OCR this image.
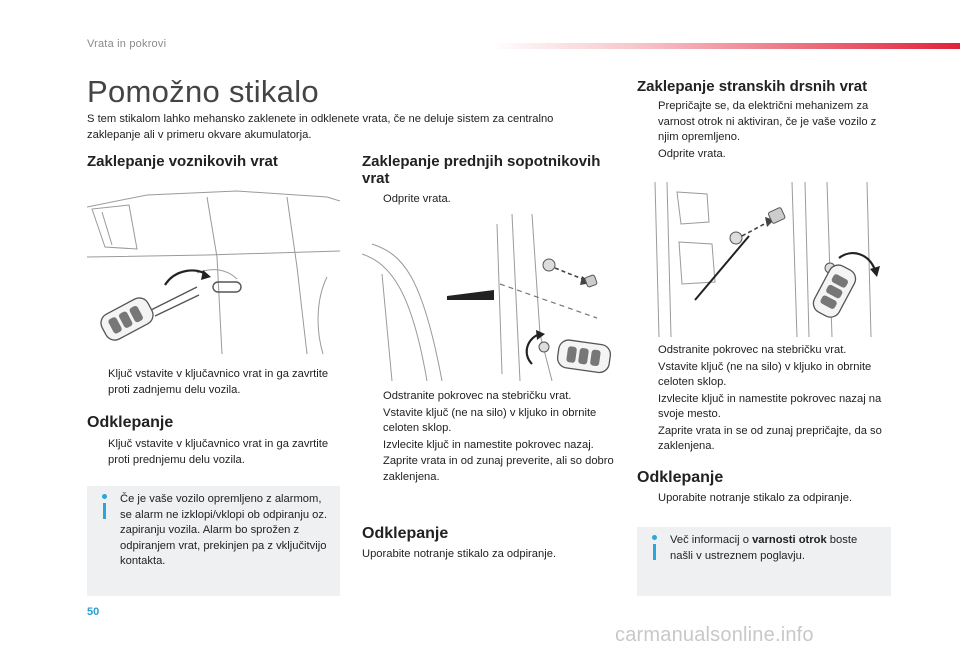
Vrata in pokrovi
Pomožno stikalo
S tem stikalom lahko mehansko zaklenete in odklenete vrata, če ne deluje sistem za centralno zaklepanje ali v primeru okvare akumulatorja.
Zaklepanje voznikovih vrat
Ključ vstavite v ključavnico vrat in ga zavrtite proti zadnjemu delu vozila.
Odklepanje
Ključ vstavite v ključavnico vrat in ga zavrtite proti prednjemu delu vozila.
Če je vaše vozilo opremljeno z alarmom, se alarm ne izklopi/vklopi ob odpiranju oz. zapiranju vozila. Alarm bo sprožen z odpiranjem vrat, prekinjen pa z vključitvijo kontakta.
Zaklepanje prednjih sopotnikovih vrat
Odprite vrata.
Odstranite pokrovec na stebričku vrat.
Vstavite ključ (ne na silo) v kljuko in obrnite celoten sklop.
Izvlecite ključ in namestite pokrovec nazaj.
Zaprite vrata in od zunaj preverite, ali so dobro zaklenjena.
Odklepanje
Uporabite notranje stikalo za odpiranje.
Zaklepanje stranskih drsnih vrat
Prepričajte se, da električni mehanizem za varnost otrok ni aktiviran, če je vaše vozilo z njim opremljeno.
Odprite vrata.
Odstranite pokrovec na stebričku vrat.
Vstavite ključ (ne na silo) v kljuko in obrnite celoten sklop.
Izvlecite ključ in namestite pokrovec nazaj na svoje mesto.
Zaprite vrata in se od zunaj prepričajte, da so zaklenjena.
Odklepanje
Uporabite notranje stikalo za odpiranje.
Več informacij o varnosti otrok boste našli v ustreznem poglavju.
50
carmanualsonline.info
